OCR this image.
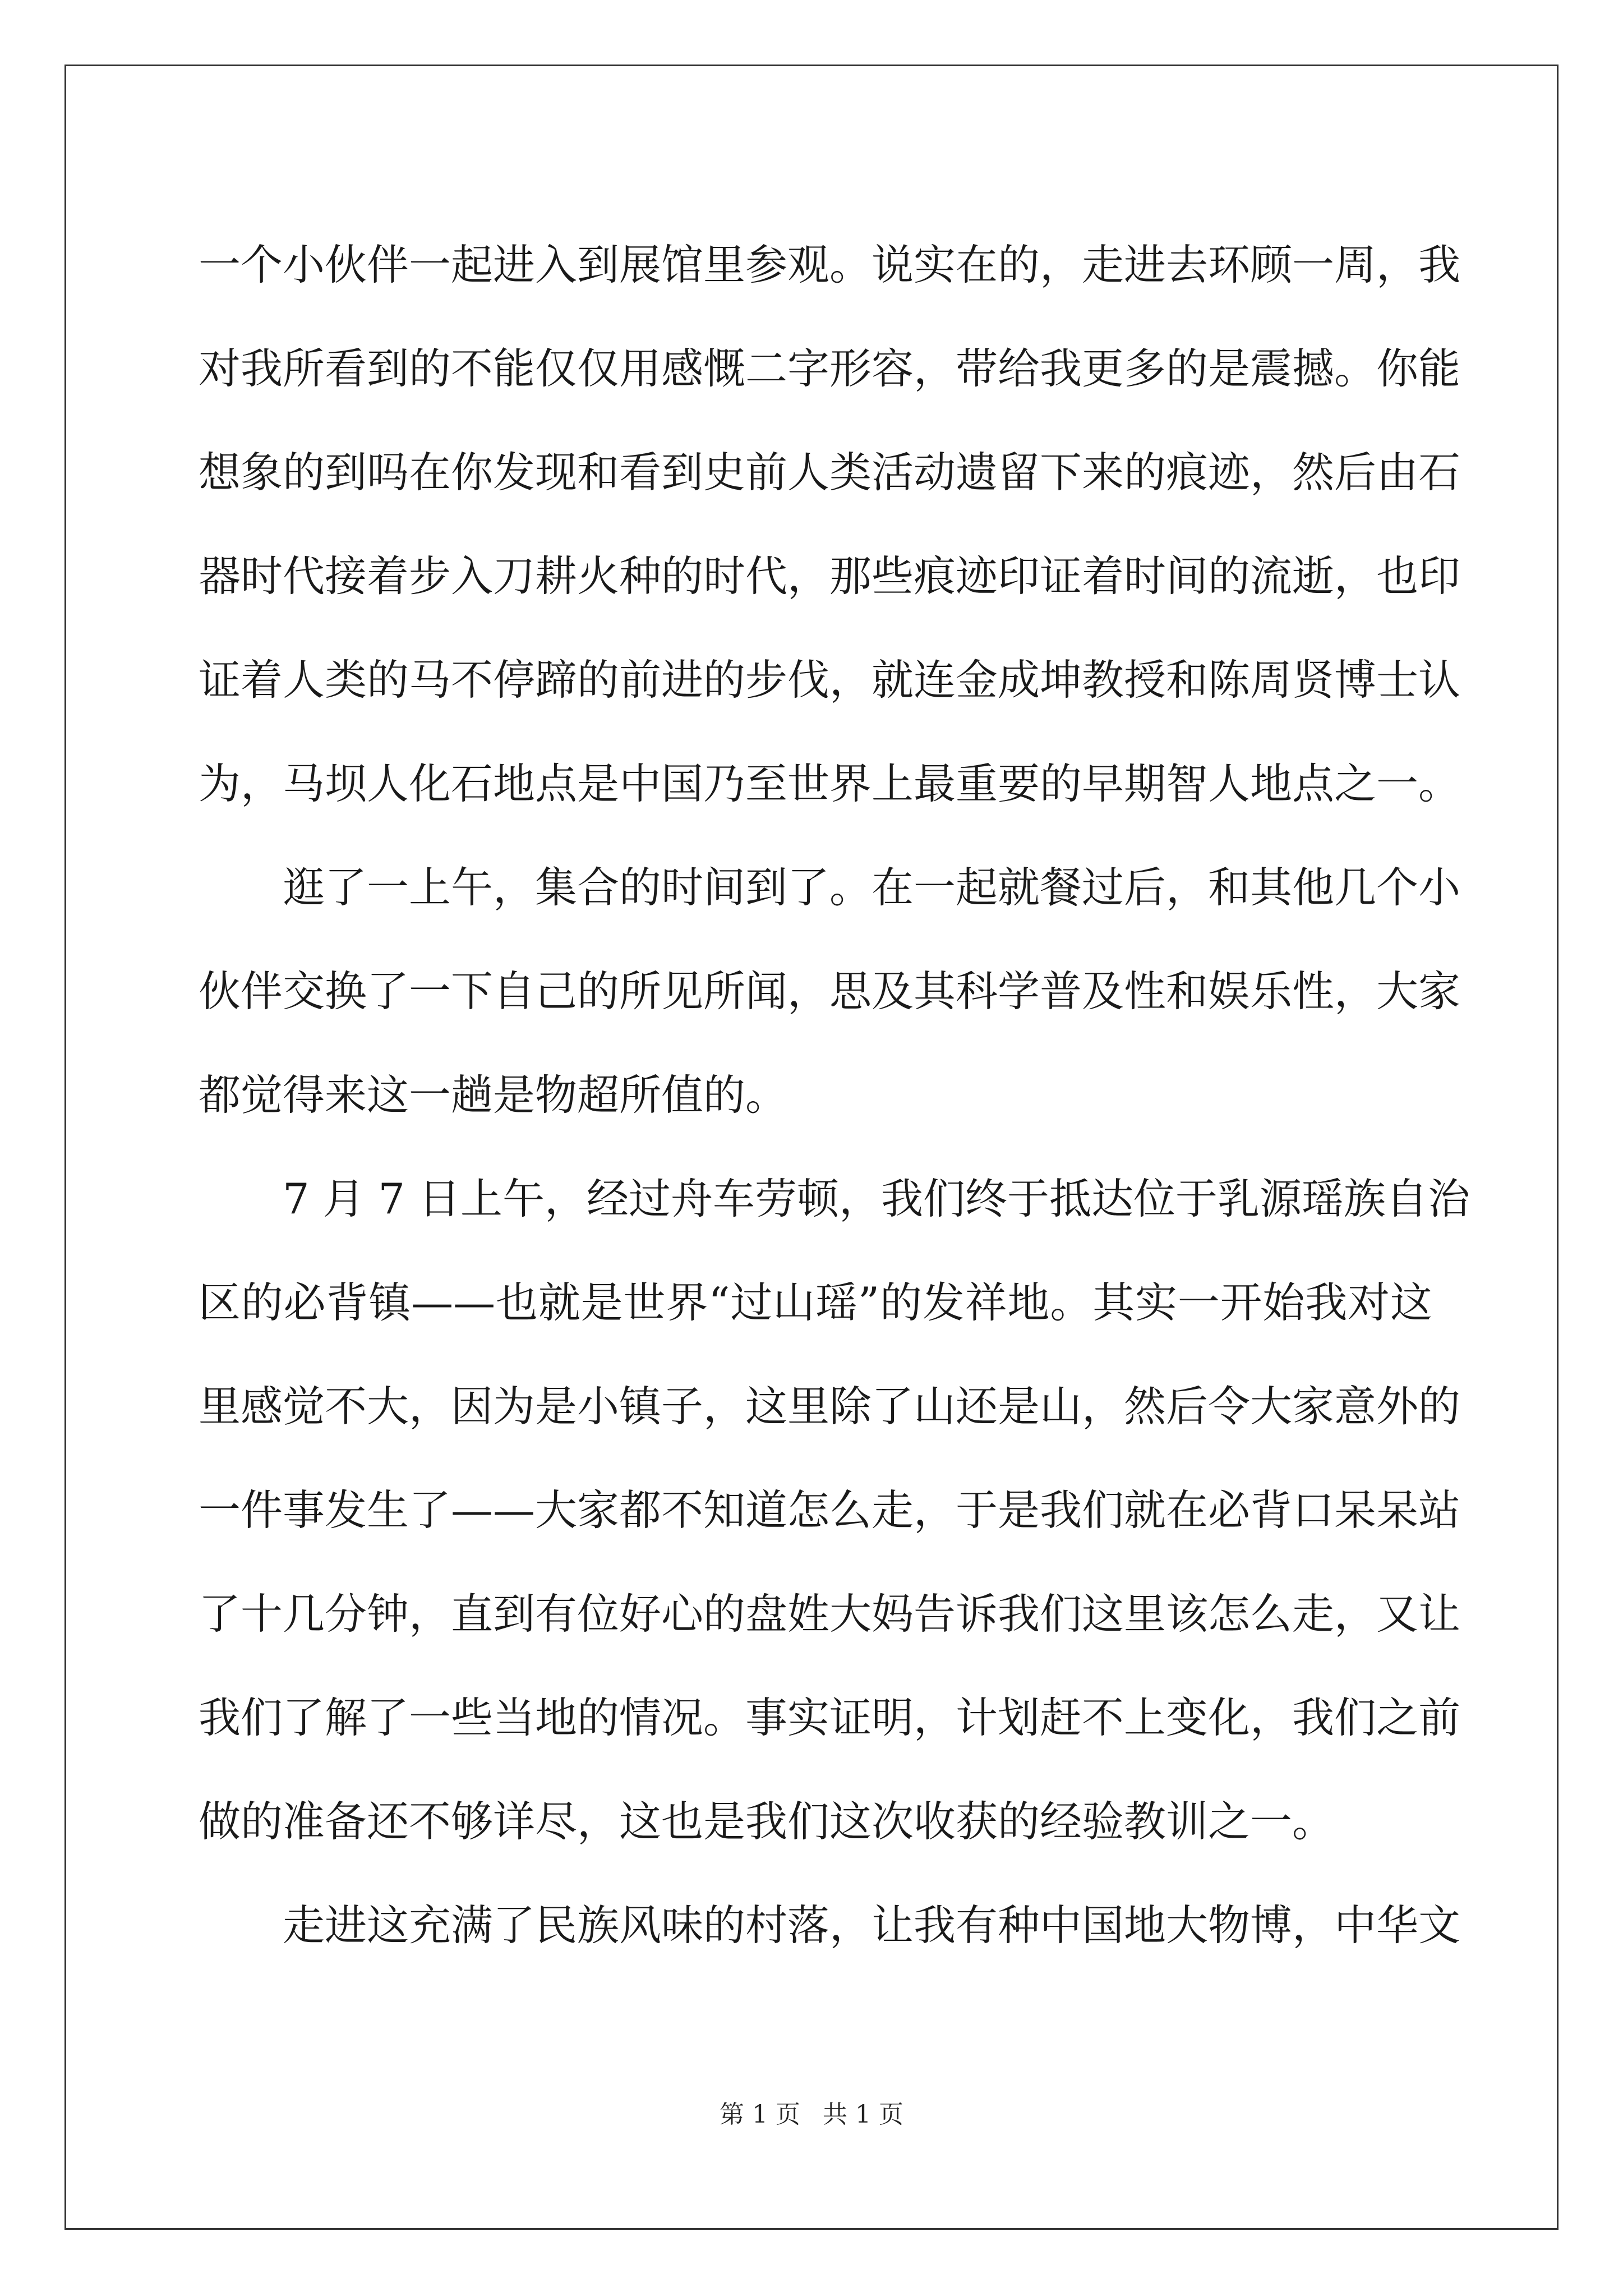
一个小伙伴一起进入到展馆里参观。说实在的，走进去环顾一周，我
对我所看到的不能仅仅用感慨二字形容，带给我更多的是震撼。你能
想象的到吗在你发现和看到史前人类活动遗留下来的痕迹，然后由石
器时代接着步入刀耕火种的时代，那些痕迹印证着时间的流逝，也印
证着人类的马不停蹄的前进的步伐，就连金成坤教授和陈周贤博士认
为，马坝人化石地点是中国乃至世界上最重要的早期智人地点之一。
逛了一上午，集合的时间到了。在一起就餐过后，和其他几个小
伙伴交换了一下自己的所见所闻，思及其科学普及性和娱乐性，大家
都觉得来这一趟是物超所值的。
7 月 7 日上午，经过舟车劳顿，我们终于抵达位于乳源瑶族自治
区的必背镇——也就是世界“过山瑶”的发祥地。其实一开始我对这
里感觉不大，因为是小镇子，这里除了山还是山，然后令大家意外的
一件事发生了——大家都不知道怎么走，于是我们就在必背口呆呆站
了十几分钟，直到有位好心的盘姓大妈告诉我们这里该怎么走，又让
我们了解了一些当地的情况。事实证明，计划赶不上变化，我们之前
做的准备还不够详尽，这也是我们这次收获的经验教训之一。
走进这充满了民族风味的村落，让我有种中国地大物博，中华文
第 1 页 共 1 页
